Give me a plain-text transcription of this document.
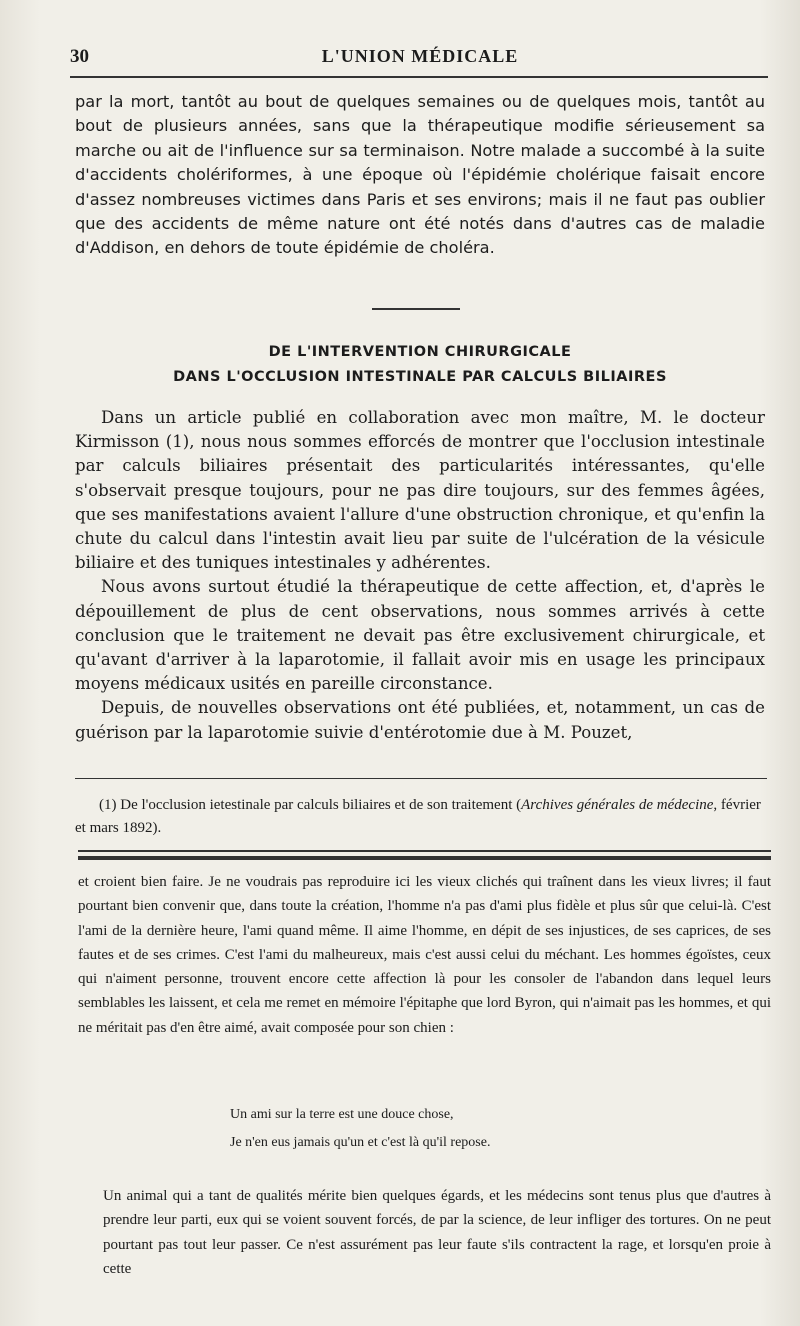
30	L'UNION MÉDICALE

par la mort, tantôt au bout de quelques semaines ou de quelques mois, tantôt au bout de plusieurs années, sans que la thérapeutique modifie sérieusement sa marche ou ait de l'influence sur sa terminaison. Notre malade a succombé à la suite d'accidents cholériformes, à une époque où l'épidémie cholérique faisait encore d'assez nombreuses victimes dans Paris et ses environs; mais il ne faut pas oublier que des accidents de même nature ont été notés dans d'autres cas de maladie d'Addison, en dehors de toute épidémie de choléra.

DE L'INTERVENTION CHIRURGICALE

DANS L'OCCLUSION INTESTINALE PAR CALCULS BILIAIRES

Dans un article publié en collaboration avec mon maître, M. le docteur Kirmisson (1), nous nous sommes efforcés de montrer que l'occlusion intestinale par calculs biliaires présentait des particularités intéressantes, qu'elle s'observait presque toujours, pour ne pas dire toujours, sur des femmes âgées, que ses manifestations avaient l'allure d'une obstruction chronique, et qu'enfin la chute du calcul dans l'intestin avait lieu par suite de l'ulcération de la vésicule biliaire et des tuniques intestinales y adhérentes.

Nous avons surtout étudié la thérapeutique de cette affection, et, d'après le dépouillement de plus de cent observations, nous sommes arrivés à cette conclusion que le traitement ne devait pas être exclusivement chirurgicale, et qu'avant d'arriver à la laparotomie, il fallait avoir mis en usage les principaux moyens médicaux usités en pareille circonstance.

Depuis, de nouvelles observations ont été publiées, et, notamment, un cas de guérison par la laparotomie suivie d'entérotomie due à M. Pouzet,

(1) De l'occlusion ietestinale par calculs biliaires et de son traitement (Archives générales de médecine, février et mars 1892).

et croient bien faire. Je ne voudrais pas reproduire ici les vieux clichés qui traînent dans les vieux livres; il faut pourtant bien convenir que, dans toute la création, l'homme n'a pas d'ami plus fidèle et plus sûr que celui-là. C'est l'ami de la dernière heure, l'ami quand même. Il aime l'homme, en dépit de ses injustices, de ses caprices, de ses fautes et de ses crimes. C'est l'ami du malheureux, mais c'est aussi celui du méchant. Les hommes égoïstes, ceux qui n'aiment personne, trouvent encore cette affection là pour les consoler de l'abandon dans lequel leurs semblables les laissent, et cela me remet en mémoire l'épitaphe que lord Byron, qui n'aimait pas les hommes, et qui ne méritait pas d'en être aimé, avait composée pour son chien :

Un ami sur la terre est une douce chose,

Je n'en eus jamais qu'un et c'est là qu'il repose.

Un animal qui a tant de qualités mérite bien quelques égards, et les médecins sont tenus plus que d'autres à prendre leur parti, eux qui se voient souvent forcés, de par la science, de leur infliger des tortures. On ne peut pourtant pas tout leur passer. Ce n'est assurément pas leur faute s'ils contractent la rage, et lorsqu'en proie à cette
